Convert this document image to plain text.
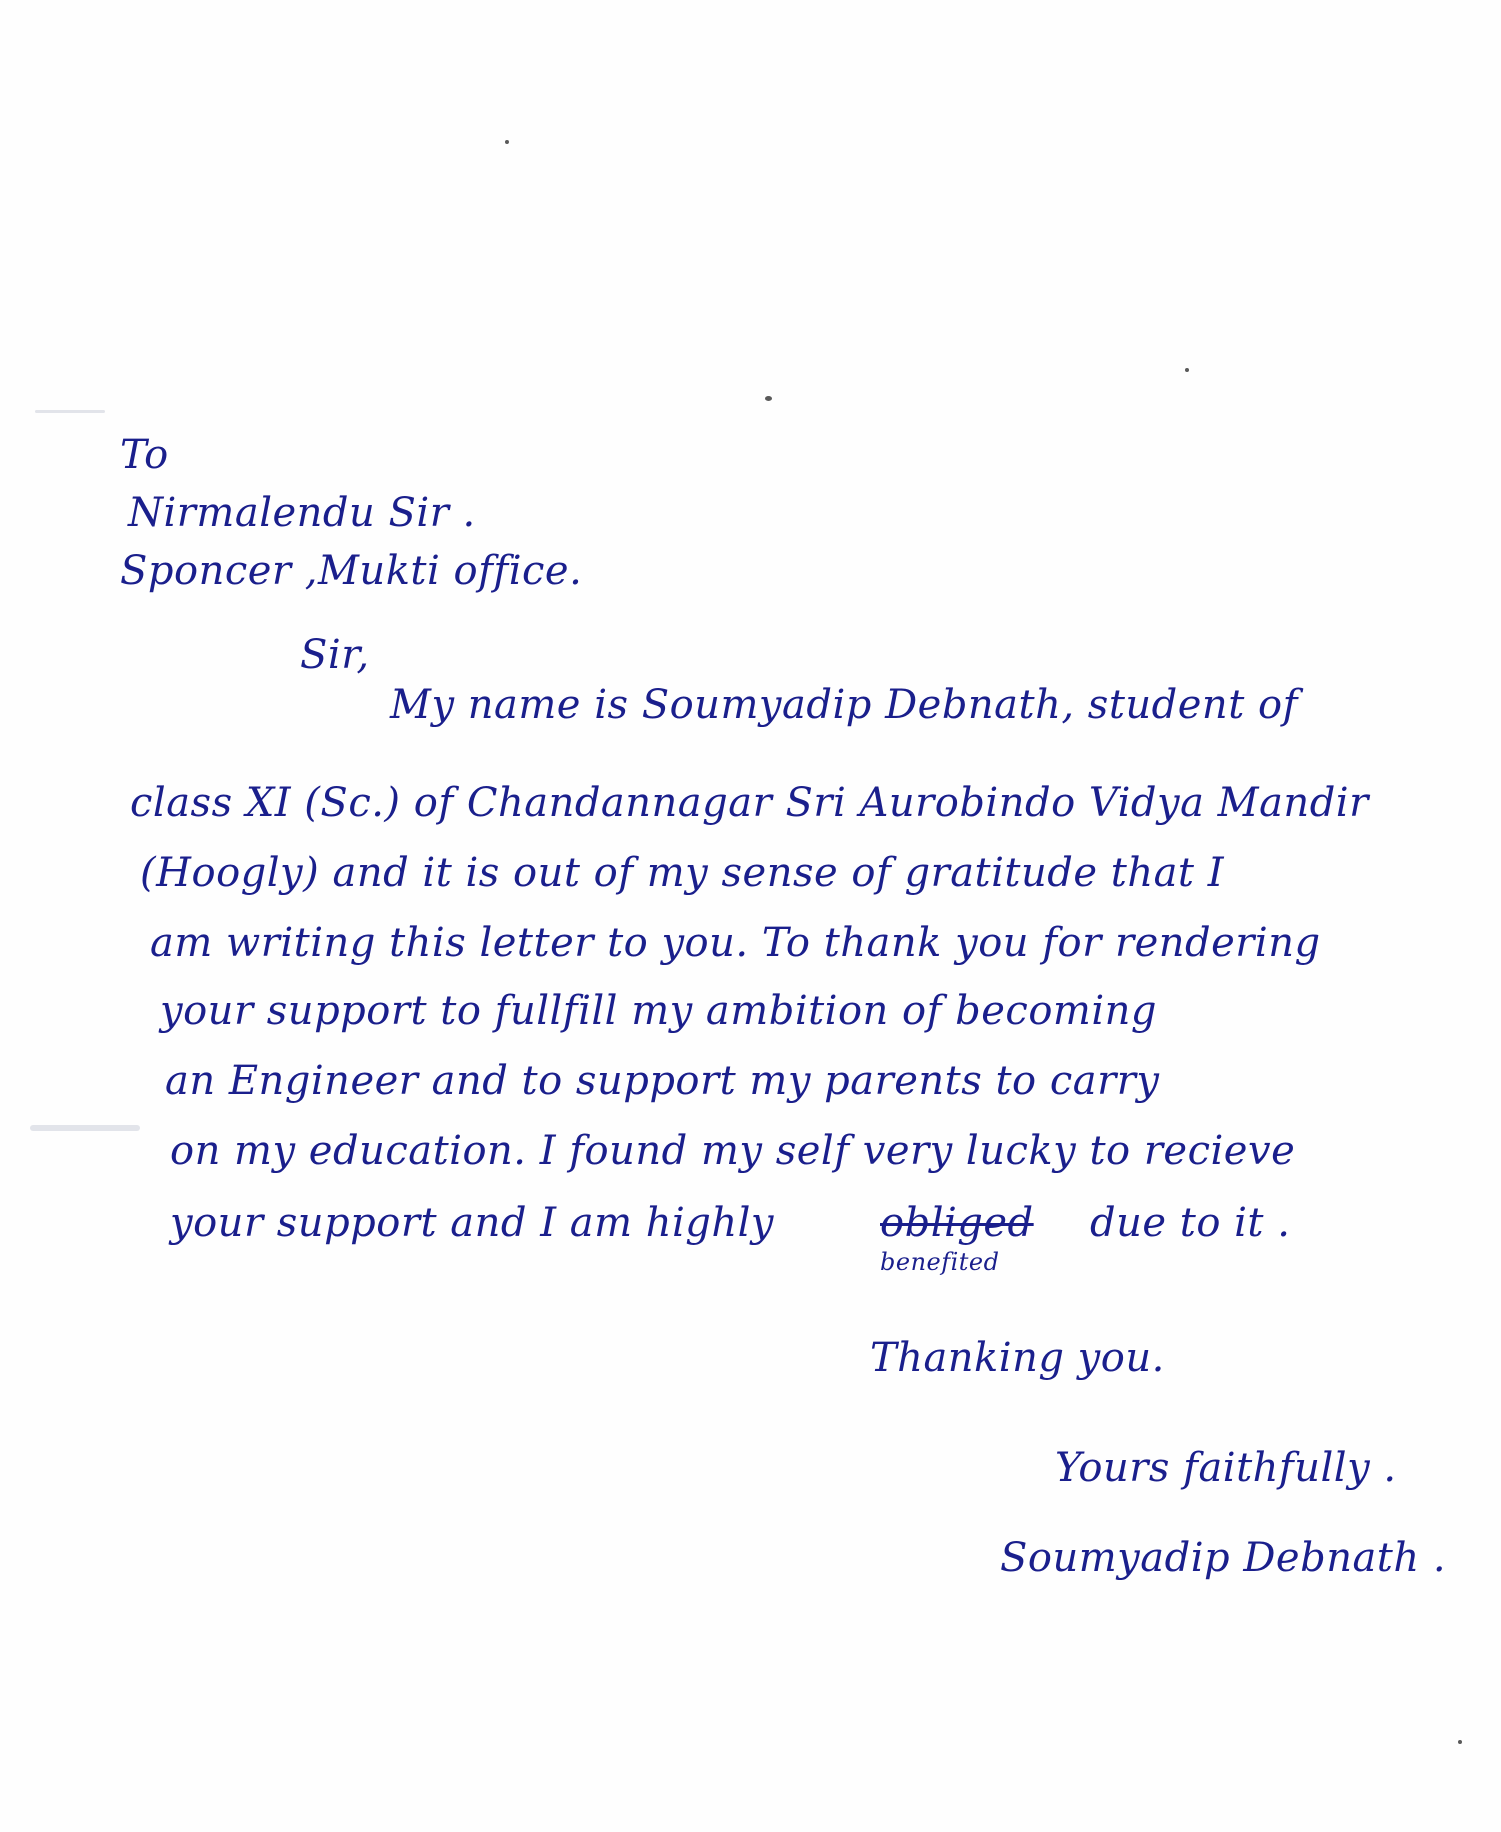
To
Nirmalendu Sir .
Sponcer ,Mukti office.
Sir,
My name is Soumyadip Debnath, student of
class XI (Sc.) of Chandannagar Sri Aurobindo Vidya Mandir
(Hoogly) and it is out of my sense of gratitude that I
am writing this letter to you. To thank you for rendering
your support to fullfill my ambition of becoming
an Engineer and to support my parents to carry
on my education. I found my self very lucky to recieve
your support and I am highly	obliged
benefited
due to it .
Thanking you.
Yours faithfully .
Soumyadip Debnath .
